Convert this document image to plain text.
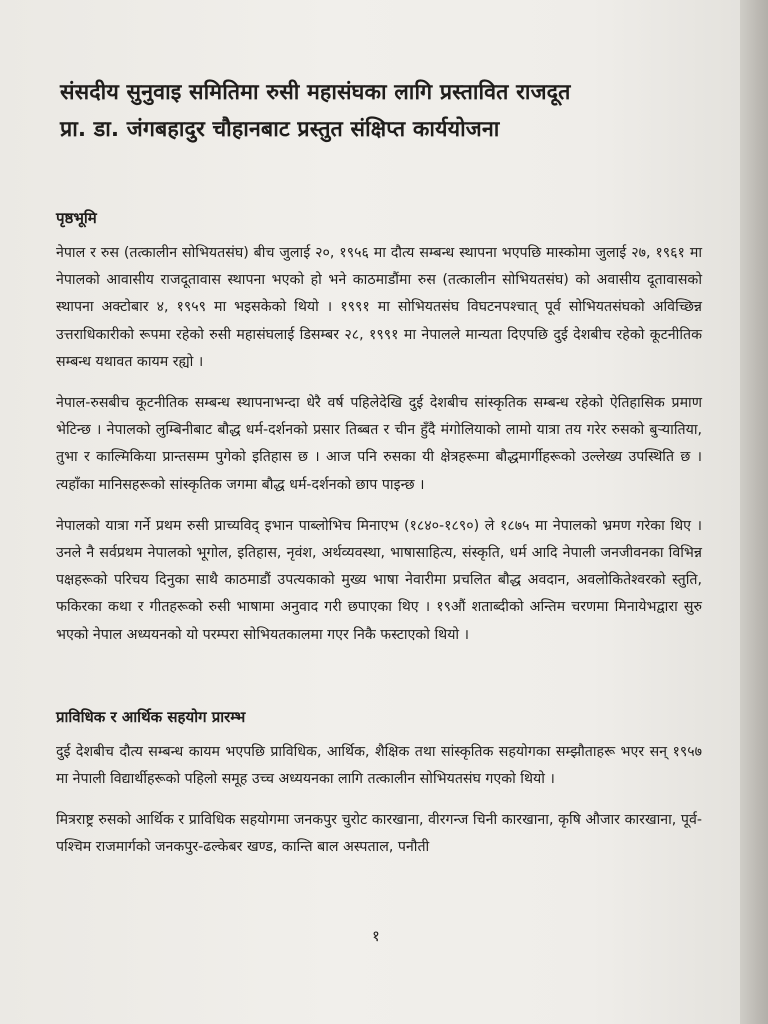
संसदीय सुनुवाइ समितिमा रुसी महासंघका लागि प्रस्तावित राजदूत
प्रा. डा. जंगबहादुर चौहानबाट प्रस्तुत संक्षिप्त कार्ययोजना
पृष्ठभूमि

नेपाल र रुस (तत्कालीन सोभियतसंघ) बीच जुलाई २०, १९५६ मा दौत्य सम्बन्ध स्थापना भएपछि मास्कोमा जुलाई २७, १९६१ मा नेपालको आवासीय राजदूतावास स्थापना भएको हो भने काठमाडौंमा रुस (तत्कालीन सोभियतसंघ) को अवासीय दूतावासको स्थापना अक्टोबार ४, १९५९ मा भइसकेको थियो । १९९१ मा सोभियतसंघ विघटनपश्चात् पूर्व सोभियतसंघको अविच्छिन्न उत्तराधिकारीको रूपमा रहेको रुसी महासंघलाई डिसम्बर २८, १९९१ मा नेपालले मान्यता दिएपछि दुई देशबीच रहेको कूटनीतिक सम्बन्ध यथावत कायम रह्यो ।

नेपाल-रुसबीच कूटनीतिक सम्बन्ध स्थापनाभन्दा धेरै वर्ष पहिलेदेखि दुई देशबीच सांस्कृतिक सम्बन्ध रहेको ऐतिहासिक प्रमाण भेटिन्छ । नेपालको लुम्बिनीबाट बौद्ध धर्म-दर्शनको प्रसार तिब्बत र चीन हुँदै मंगोलियाको लामो यात्रा तय गरेर रुसको बुर्‍यातिया, तुभा र काल्मिकिया प्रान्तसम्म पुगेको इतिहास छ । आज पनि रुसका यी क्षेत्रहरूमा बौद्धमार्गीहरूको उल्लेख्य उपस्थिति छ । त्यहाँका मानिसहरूको सांस्कृतिक जगमा बौद्ध धर्म-दर्शनको छाप पाइन्छ ।

नेपालको यात्रा गर्ने प्रथम रुसी प्राच्यविद् इभान पाब्लोभिच मिनाएभ (१८४०-१८९०) ले १८७५ मा नेपालको भ्रमण गरेका थिए । उनले नै सर्वप्रथम नेपालको भूगोल, इतिहास, नृवंश, अर्थव्यवस्था, भाषासाहित्य, संस्कृति, धर्म आदि नेपाली जनजीवनका विभिन्न पक्षहरूको परिचय दिनुका साथै काठमाडौं उपत्यकाको मुख्य भाषा नेवारीमा प्रचलित बौद्ध अवदान, अवलोकितेश्वरको स्तुति, फकिरका कथा र गीतहरूको रुसी भाषामा अनुवाद गरी छपाएका थिए । १९औं शताब्दीको अन्तिम चरणमा मिनायेभद्वारा सुरु भएको नेपाल अध्ययनको यो परम्परा सोभियतकालमा गएर निकै फस्टाएको थियो ।

प्राविधिक र आर्थिक सहयोग प्रारम्भ

दुई देशबीच दौत्य सम्बन्ध कायम भएपछि प्राविधिक, आर्थिक, शैक्षिक तथा सांस्कृतिक सहयोगका सम्झौताहरू भएर सन् १९५७ मा नेपाली विद्यार्थीहरूको पहिलो समूह उच्च अध्ययनका लागि तत्कालीन सोभियतसंघ गएको थियो ।

मित्रराष्ट्र रुसको आर्थिक र प्राविधिक सहयोगमा जनकपुर चुरोट कारखाना, वीरगन्ज चिनी कारखाना, कृषि औजार कारखाना, पूर्व-पश्चिम राजमार्गको जनकपुर-ढल्केबर खण्ड, कान्ति बाल अस्पताल, पनौती

१
